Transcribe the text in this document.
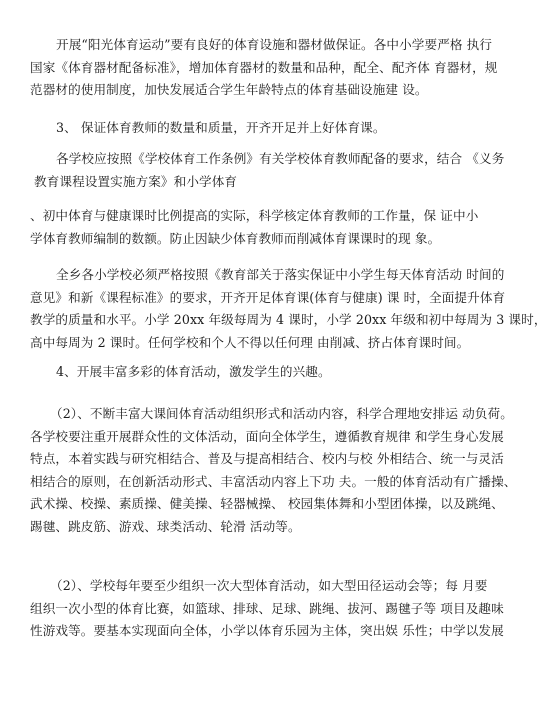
开展“阳光体育运动”要有良好的体育设施和器材做保证。各中小学要严格 执行
国家《体育器材配备标准》，增加体育器材的数量和品种，配全、配齐体 育器材，规
范器材的使用制度，加快发展适合学生年龄特点的体育基础设施建 设。
3、 保证体育教师的数量和质量，开齐开足并上好体育课。
各学校应按照《学校体育工作条例》有关学校体育教师配备的要求，结合 《义务
教育课程设置实施方案》和小学体育
、初中体育与健康课时比例提高的实际，科学核定体育教师的工作量，保 证中小
学体育教师编制的数额。防止因缺少体育教师而削减体育课课时的现 象。
全乡各小学校必须严格按照《教育部关于落实保证中小学生每天体育活动 时间的
意见》和新《课程标准》的要求，开齐开足体育课(体育与健康) 课 时，全面提升体育
教学的质量和水平。小学 20xx 年级每周为 4 课时，小学 20xx 年级和初中每周为 3 课时，
高中每周为 2 课时。任何学校和个人不得以任何理 由削减、挤占体育课时间。
4、开展丰富多彩的体育活动，激发学生的兴趣。
（2）、不断丰富大课间体育活动组织形式和活动内容，科学合理地安排运 动负荷。
各学校要注重开展群众性的文体活动，面向全体学生，遵循教育规律 和学生身心发展
特点，本着实践与研究相结合、普及与提高相结合、校内与校 外相结合、统一与灵活
相结合的原则，在创新活动形式、丰富活动内容上下功 夫。一般的体育活动有广播操、
武术操、校操、素质操、健美操、轻器械操、 校园集体舞和小型团体操，以及跳绳、
踢毽、跳皮筋、游戏、球类活动、轮滑 活动等。
（2）、学校每年要至少组织一次大型体育活动，如大型田径运动会等；每 月要
组织一次小型的体育比赛，如篮球、排球、足球、跳绳、拔河、踢毽子等 项目及趣味
性游戏等。要基本实现面向全体，小学以体育乐园为主体，突出娱 乐性；中学以发展
